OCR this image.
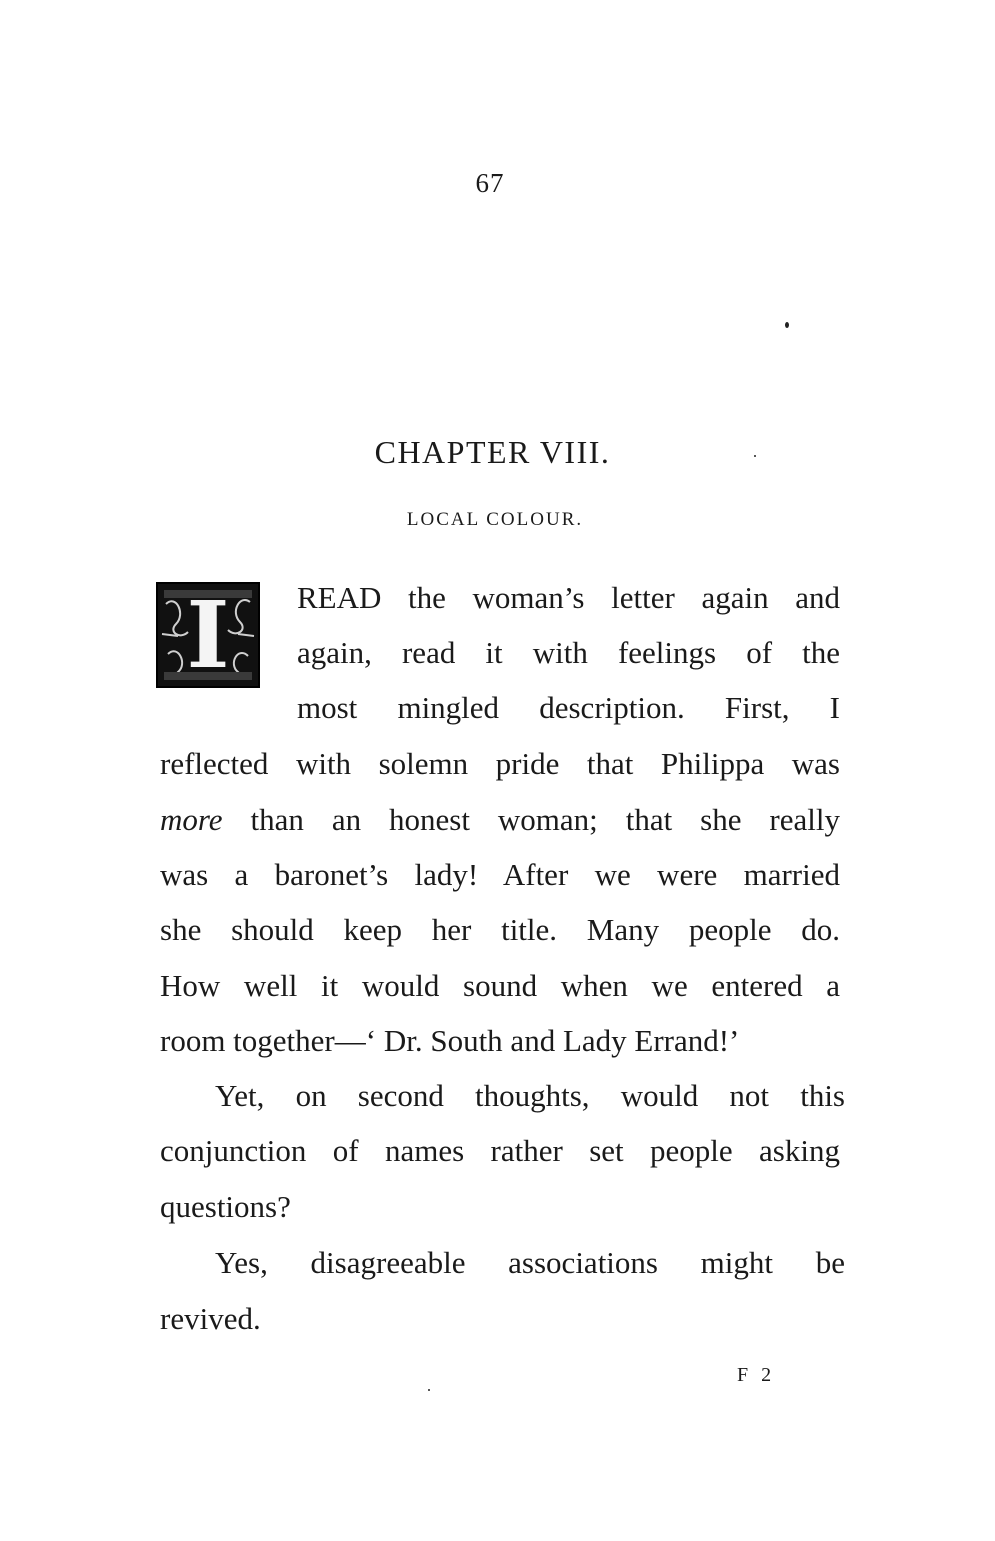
67
CHAPTER VIII.
LOCAL COLOUR.
I READ the woman’s letter again and
again, read it with feelings of the
most mingled description. First, I
reflected with solemn pride that Philippa was
more than an honest woman; that she really
was a baronet’s lady! After we were married
she should keep her title. Many people do.
How well it would sound when we entered a
room together—‘ Dr. South and Lady Errand!’
Yet, on second thoughts, would not this
conjunction of names rather set people asking
questions?
Yes, disagreeable associations might be
revived.
F 2
